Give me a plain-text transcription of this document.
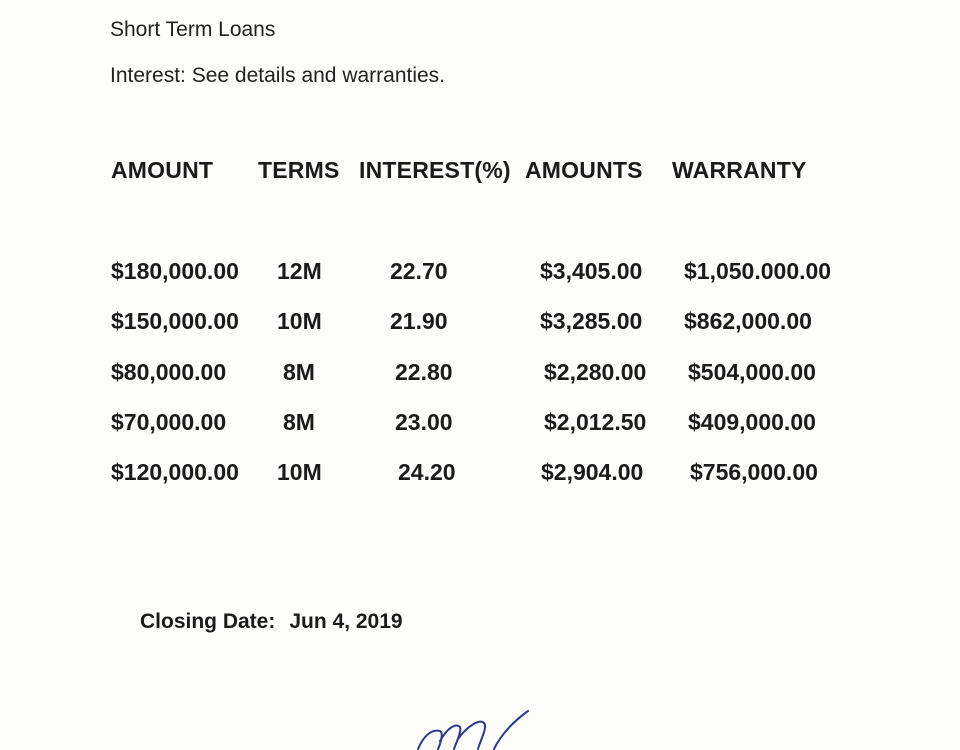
Short Term Loans
Interest: See details and warranties.
AMOUNT TERMS INTEREST(%) AMOUNTS WARRANTY
$180,000.00 12M	22.70	$3,405.00 $1,050.000.00
$150,000.00 10M	21.90	$3,285.00 $862,000.00
$80,000.00 8M	22.80	$2,280.00 $504,000.00
$70,000.00 8M	23.00	$2,012.50 $409,000.00
$120,000.00 10M	24.20	$2,904.00 $756,000.00
Closing Date: Jun 4, 2019
